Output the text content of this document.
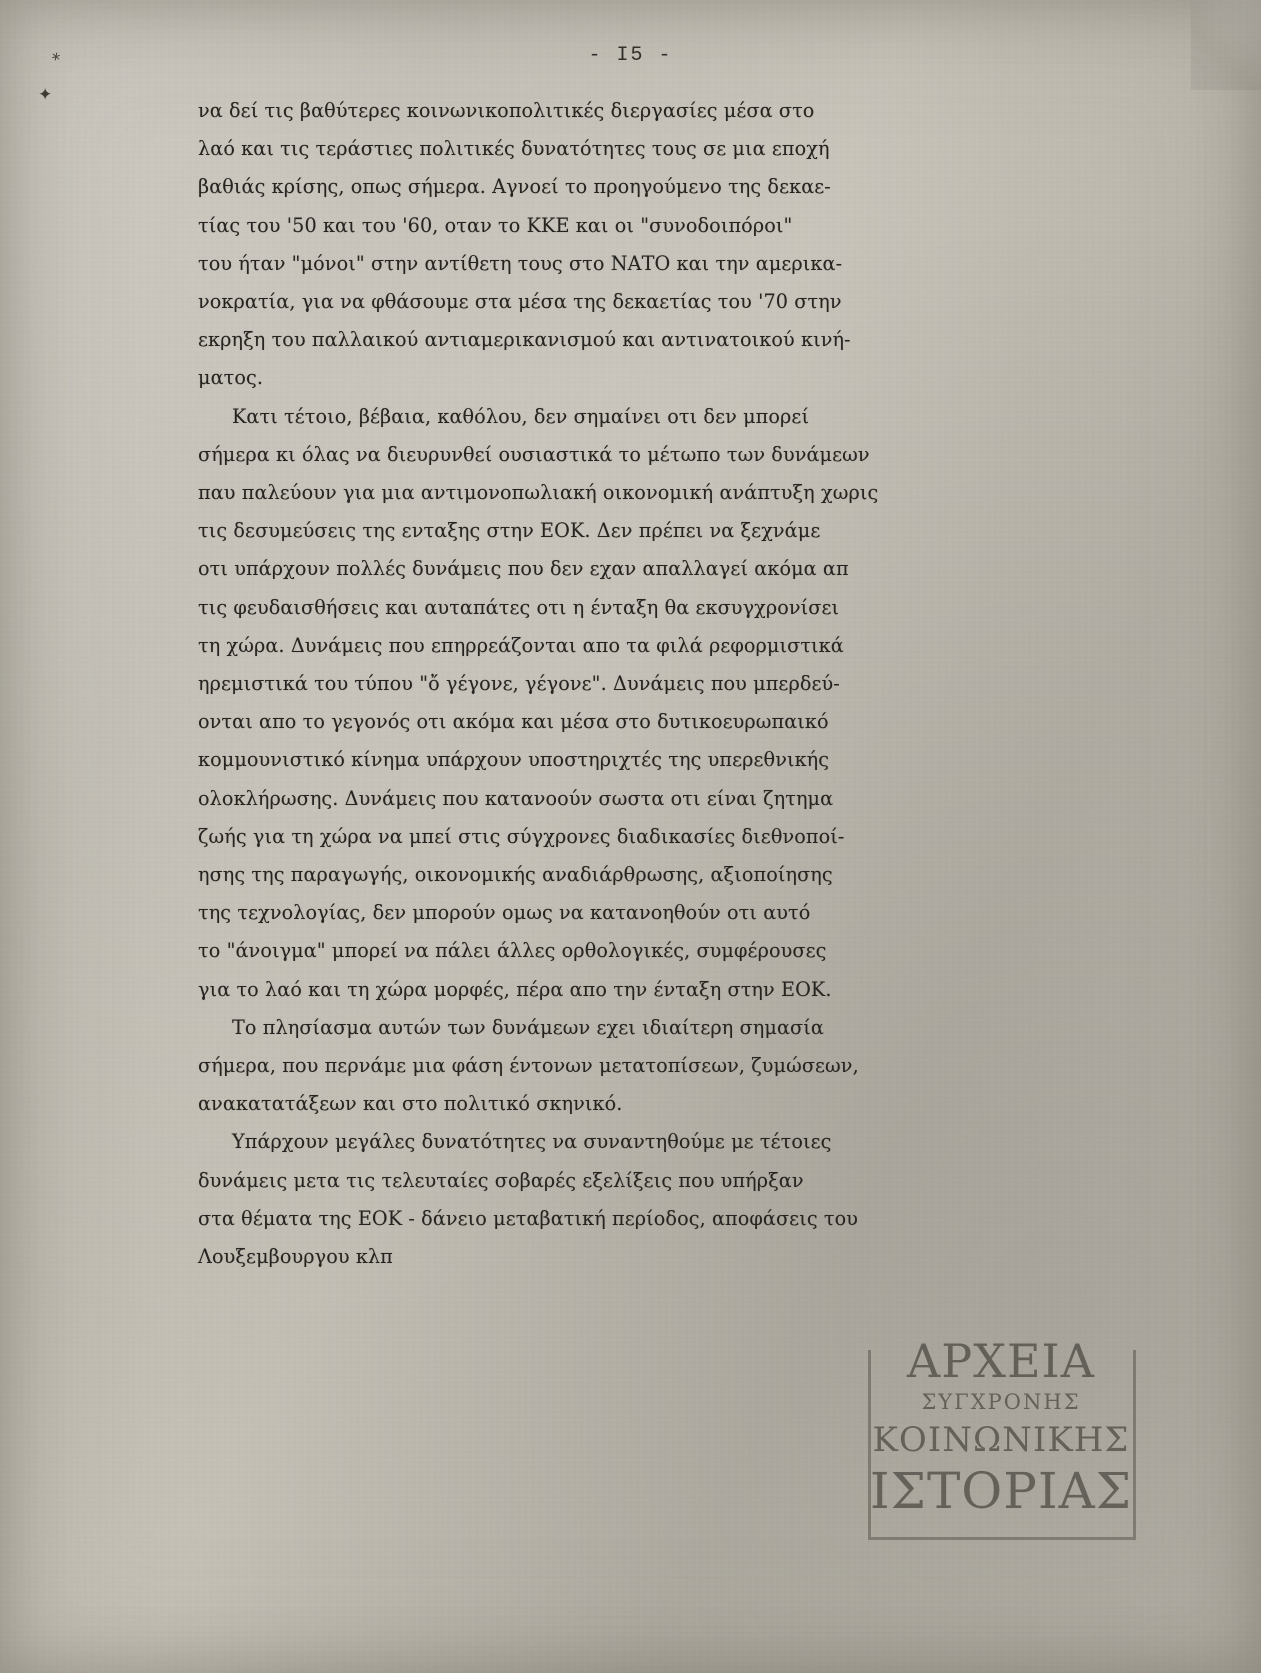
⁎
✦
- I5 -

να δεί τις βαθύτερες κοινωνικοπολιτικές διεργασίες μέσα στο
λαό και τις τεράστιες πολιτικές δυνατότητες τους σε μια εποχή
βαθιάς κρίσης, οπως σήμερα. Αγνοεί το προηγούμενο της δεκαε-
τίας του '50 και του '60, οταν το ΚΚΕ και οι "συνοδοιπόροι"
του ήταν "μόνοι" στην αντίθετη τους στο ΝΑΤΟ και την αμερικα-
νοκρατία, για να φθάσουμε στα μέσα της δεκαετίας του '70 στην
εκρηξη του παλλαικού αντιαμερικανισμού και αντινατοικού κινή-
ματος.

Κατι τέτοιο, βέβαια, καθόλου, δεν σημαίνει οτι δεν μπορεί
σήμερα κι όλας να διευρυνθεί ουσιαστικά το μέτωπο των δυνάμεων
παυ παλεύουν για μια αντιμονοπωλιακή οικονομική ανάπτυξη χωρις
τις δεσυμεύσεις της ενταξης στην ΕΟΚ. Δεν πρέπει να ξεχνάμε
οτι υπάρχουν πολλές δυνάμεις που δεν εχαν απαλλαγεί ακόμα απ
τις φευδαισθήσεις και αυταπάτες οτι η ένταξη θα εκσυγχρονίσει
τη χώρα. Δυνάμεις που επηρρεάζονται απο τα φιλά ρεφορμιστικά
ηρεμιστικά του τύπου "ὄ γέγονε, γέγονε". Δυνάμεις που μπερδεύ-
ονται απο το γεγονός οτι ακόμα και μέσα στο δυτικοευρωπαικό
κομμουνιστικό κίνημα υπάρχουν υποστηριχτές της υπερεθνικής
ολοκλήρωσης. Δυνάμεις που κατανοούν σωστα οτι είναι ζητημα
ζωής για τη χώρα να μπεί στις σύγχρονες διαδικασίες διεθνοποί-
ησης της παραγωγής, οικονομικής αναδιάρθρωσης, αξιοποίησης
της τεχνολογίας, δεν μπορούν ομως να κατανοηθούν οτι αυτό
το "άνοιγμα" μπορεί να πάλει άλλες ορθολογικές, συμφέρουσες
για το λαό και τη χώρα μορφές, πέρα απο την ένταξη στην ΕΟΚ.

Το πλησίασμα αυτών των δυνάμεων εχει ιδιαίτερη σημασία
σήμερα, που περνάμε μια φάση έντονων μετατοπίσεων, ζυμώσεων,
ανακατατάξεων και στο πολιτικό σκηνικό.

Υπάρχουν μεγάλες δυνατότητες να συναντηθούμε με τέτοιες
δυνάμεις μετα τις τελευταίες σοβαρές εξελίξεις που υπήρξαν
στα θέματα της ΕΟΚ - δάνειο μεταβατική περίοδος, αποφάσεις του
Λουξεμβουργου κλπ

ΑΡΧΕΙΑ
ΣΥΓΧΡΟΝΗΣ
ΚΟΙΝΩΝΙΚΗΣ
ΙΣΤΟΡΙΑΣ
